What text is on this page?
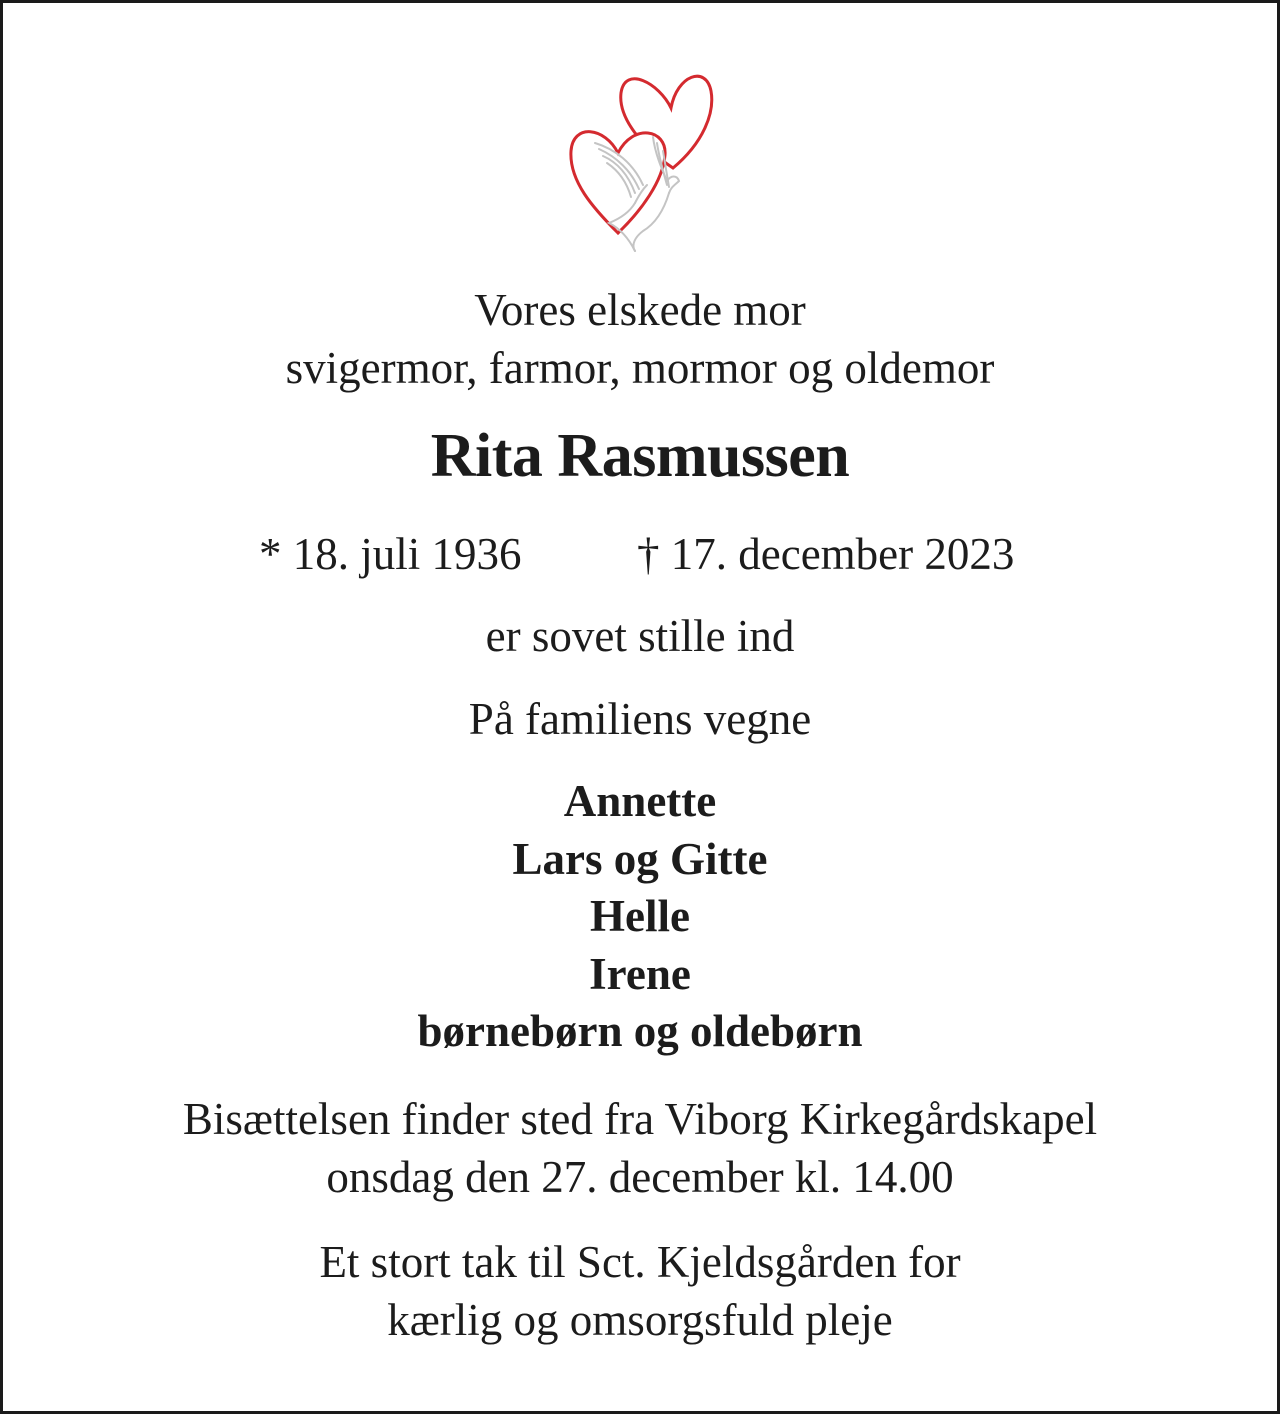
Vores elskede mor
svigermor, farmor, mormor og oldemor
Rita Rasmussen
* 18. juli 1936	† 17. december 2023
er sovet stille ind
På familiens vegne
Annette
Lars og Gitte
Helle
Irene
børnebørn og oldebørn
Bisættelsen finder sted fra Viborg Kirkegårdskapel
onsdag den 27. december kl. 14.00
Et stort tak til Sct. Kjeldsgården for
kærlig og omsorgsfuld pleje
